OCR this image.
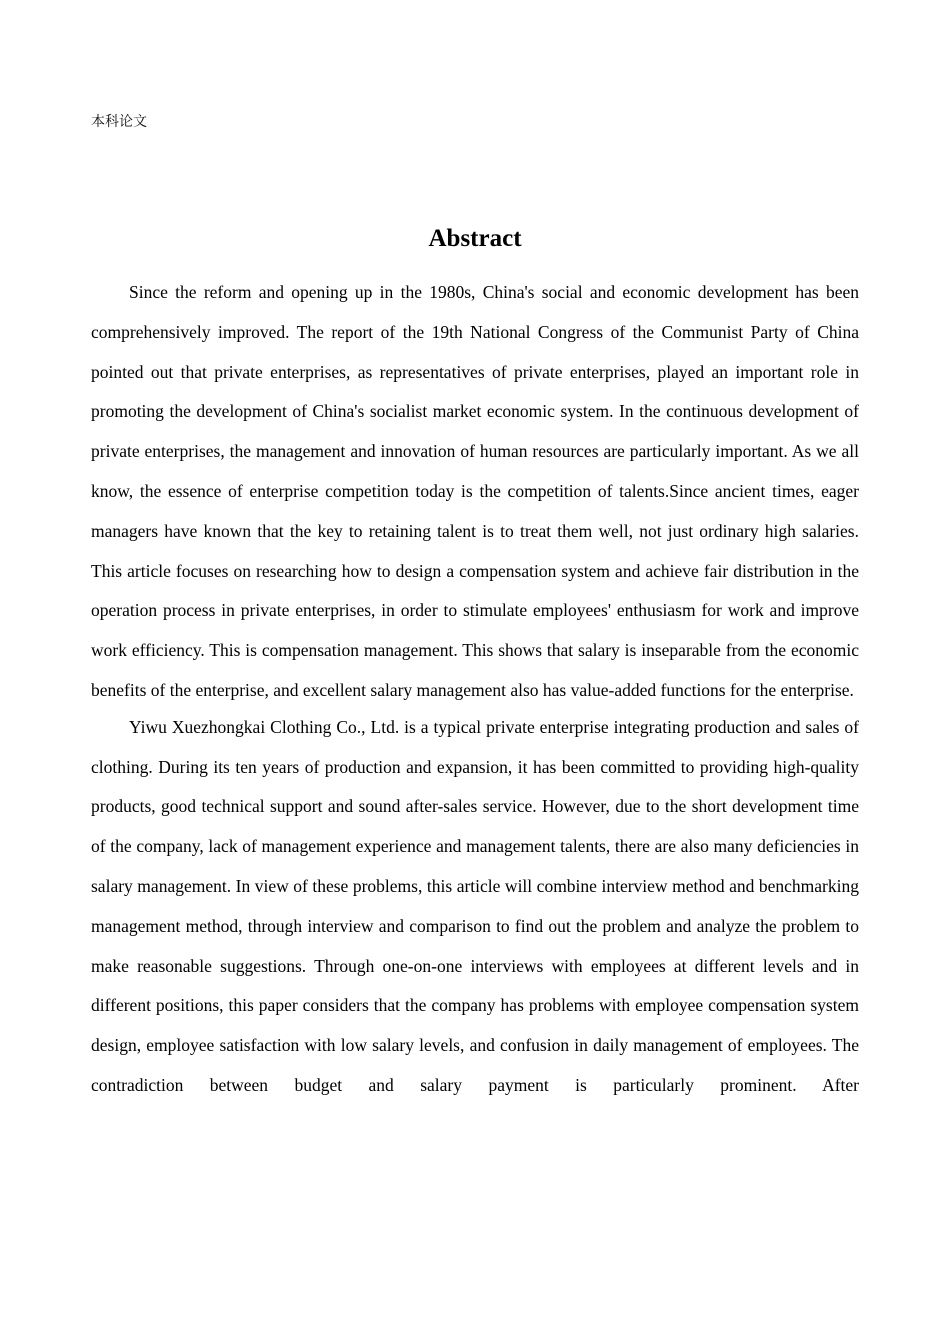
本科论文
Abstract

Since the reform and opening up in the 1980s, China's social and economic development has been comprehensively improved. The report of the 19th National Congress of the Communist Party of China pointed out that private enterprises, as representatives of private enterprises, played an important role in promoting the development of China's socialist market economic system. In the continuous development of private enterprises, the management and innovation of human resources are particularly important. As we all know, the essence of enterprise competition today is the competition of talents.Since ancient times, eager managers have known that the key to retaining talent is to treat them well, not just ordinary high salaries. This article focuses on researching how to design a compensation system and achieve fair distribution in the operation process in private enterprises, in order to stimulate employees' enthusiasm for work and improve work efficiency. This is compensation management. This shows that salary is inseparable from the economic benefits of the enterprise, and excellent salary management also has value-added functions for the enterprise.

Yiwu Xuezhongkai Clothing Co., Ltd. is a typical private enterprise integrating production and sales of clothing. During its ten years of production and expansion, it has been committed to providing high-quality products, good technical support and sound after-sales service. However, due to the short development time of the company, lack of management experience and management talents, there are also many deficiencies in salary management. In view of these problems, this article will combine interview method and benchmarking management method, through interview and comparison to find out the problem and analyze the problem to make reasonable suggestions. Through one-on-one interviews with employees at different levels and in different positions, this paper considers that the company has problems with employee compensation system design, employee satisfaction with low salary levels, and confusion in daily management of employees. The contradiction between budget and salary payment is particularly prominent. After
